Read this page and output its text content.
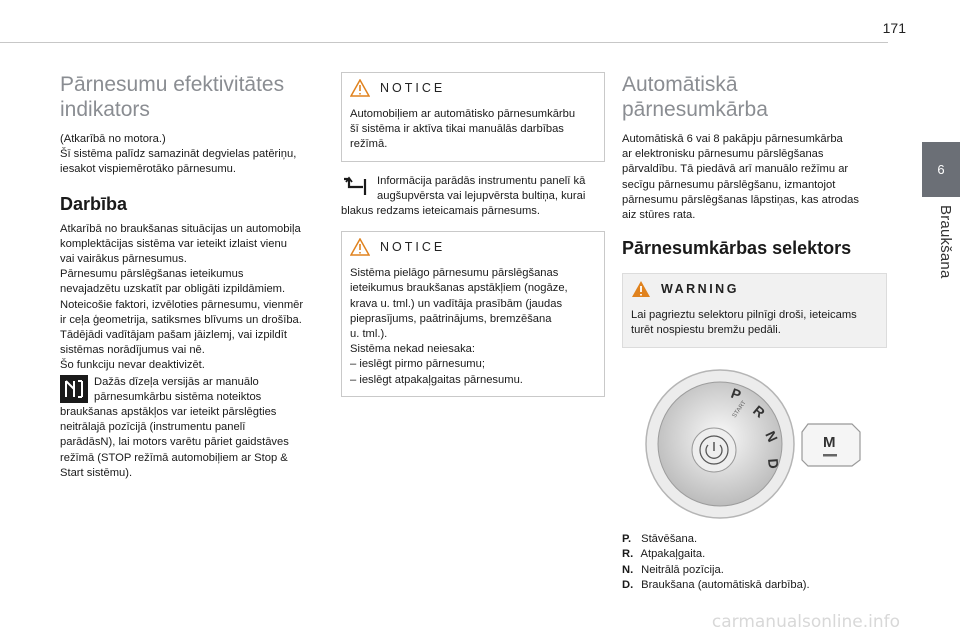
171
6
Braukšana
Pārnesumu efektivitātes
indikators
(Atkarībā no motora.)
Šī sistēma palīdz samazināt degvielas patēriņu,
iesakot vispiemērotāko pārnesumu.
Darbība
Atkarībā no braukšanas situācijas un automobiļa
komplektācijas sistēma var ieteikt izlaist vienu
vai vairākus pārnesumus.
Pārnesumu pārslēgšanas ieteikumus
nevajadzētu uzskatīt par obligāti izpildāmiem.
Noteicošie faktori, izvēloties pārnesumu, vienmēr
ir ceļa ģeometrija, satiksmes blīvums un drošība.
Tādējādi vadītājam pašam jāizlemj, vai izpildīt
sistēmas norādījumus vai nē.
Šo funkciju nevar deaktivizēt.
Dažās dīzeļa versijās ar manuālo
pārnesumkārbu sistēma noteiktos
braukšanas apstākļos var ieteikt pārslēgties
neitrālajā pozīcijā (instrumentu panelī
parādāsN), lai motors varētu pāriet gaidstāves
režīmā (STOP režīmā automobiļiem ar Stop &
Start sistēmu).
NOTICE
Automobiļiem ar automātisko pārnesumkārbu
šī sistēma ir aktīva tikai manuālās darbības
režīmā.
Informācija parādās instrumentu panelī kā
augšupvērsta vai lejupvērsta bultiņa, kurai
blakus redzams ieteicamais pārnesums.
NOTICE
Sistēma pielāgo pārnesumu pārslēgšanas
ieteikumus braukšanas apstākļiem (nogāze,
krava u. tml.) un vadītāja prasībām (jaudas
pieprasījums, paātrinājums, bremzēšana
u. tml.).
Sistēma nekad neiesaka:
– ieslēgt pirmo pārnesumu;
– ieslēgt atpakaļgaitas pārnesumu.
Automātiskā
pārnesumkārba
Automātiskā 6 vai 8 pakāpju pārnesumkārba
ar elektronisku pārnesumu pārslēgšanas
pārvaldību. Tā piedāvā arī manuālo režīmu ar
secīgu pārnesumu pārslēgšanu, izmantojot
pārnesumu pārslēgšanas lāpstiņas, kas atrodas
aiz stūres rata.
Pārnesumkārbas selektors
WARNING
Lai pagrieztu selektoru pilnīgi droši, ieteicams
turēt nospiestu bremžu pedāli.
START
P
R
N
D
M
P. Stāvēšana.
R. Atpakaļgaita.
N. Neitrālā pozīcija.
D. Braukšana (automātiskā darbība).
carmanualsonline.info
